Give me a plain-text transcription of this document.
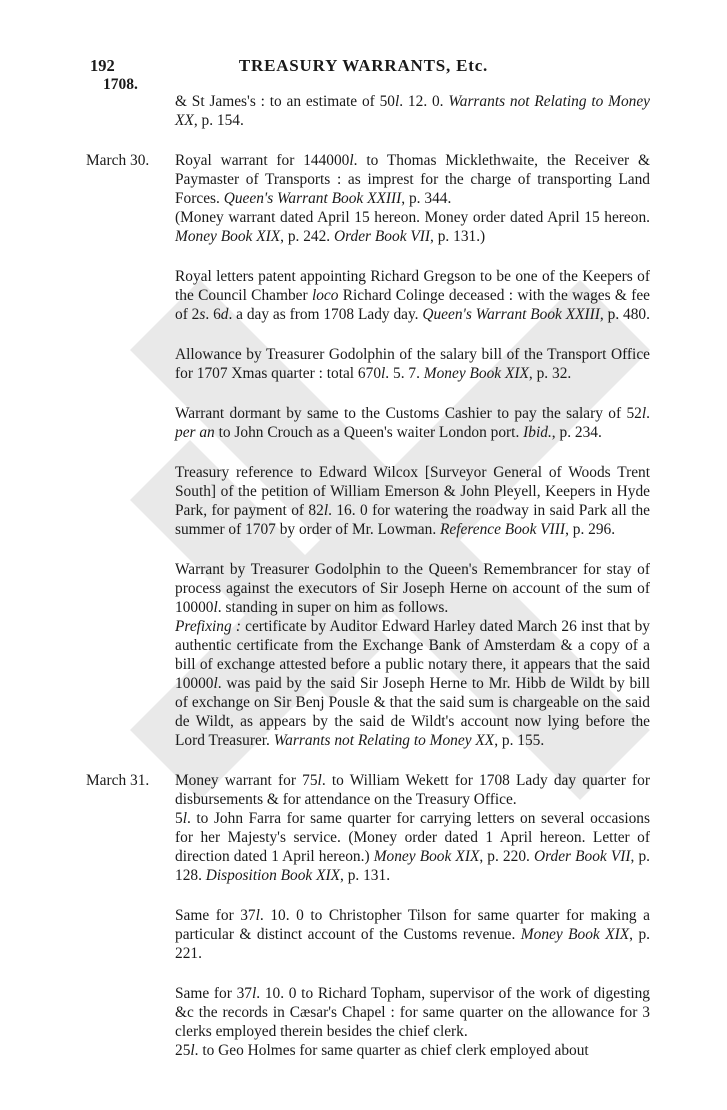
192	TREASURY WARRANTS, Etc.
1708.

& St James's : to an estimate of 50l. 12. 0. Warrants not Relating to Money XX, p. 154.

March 30.	Royal warrant for 144000l. to Thomas Micklethwaite, the Receiver & Paymaster of Transports : as imprest for the charge of transporting Land Forces. Queen's Warrant Book XXIII, p. 344.

(Money warrant dated April 15 hereon. Money order dated April 15 hereon. Money Book XIX, p. 242. Order Book VII, p. 131.)

Royal letters patent appointing Richard Gregson to be one of the Keepers of the Council Chamber loco Richard Colinge deceased : with the wages & fee of 2s. 6d. a day as from 1708 Lady day. Queen's Warrant Book XXIII, p. 480.

Allowance by Treasurer Godolphin of the salary bill of the Transport Office for 1707 Xmas quarter : total 670l. 5. 7. Money Book XIX, p. 32.

Warrant dormant by same to the Customs Cashier to pay the salary of 52l. per an to John Crouch as a Queen's waiter London port. Ibid., p. 234.

Treasury reference to Edward Wilcox [Surveyor General of Woods Trent South] of the petition of William Emerson & John Pleyell, Keepers in Hyde Park, for payment of 82l. 16. 0 for watering the roadway in said Park all the summer of 1707 by order of Mr. Lowman. Reference Book VIII, p. 296.

Warrant by Treasurer Godolphin to the Queen's Remembrancer for stay of process against the executors of Sir Joseph Herne on account of the sum of 10000l. standing in super on him as follows.

Prefixing : certificate by Auditor Edward Harley dated March 26 inst that by authentic certificate from the Exchange Bank of Amsterdam & a copy of a bill of exchange attested before a public notary there, it appears that the said 10000l. was paid by the said Sir Joseph Herne to Mr. Hibb de Wildt by bill of exchange on Sir Benj Pousle & that the said sum is chargeable on the said de Wildt, as appears by the said de Wildt's account now lying before the Lord Treasurer. Warrants not Relating to Money XX, p. 155.

March 31.	Money warrant for 75l. to William Wekett for 1708 Lady day quarter for disbursements & for attendance on the Treasury Office.

5l. to John Farra for same quarter for carrying letters on several occasions for her Majesty's service. (Money order dated 1 April hereon. Letter of direction dated 1 April hereon.) Money Book XIX, p. 220. Order Book VII, p. 128. Disposition Book XIX, p. 131.

Same for 37l. 10. 0 to Christopher Tilson for same quarter for making a particular & distinct account of the Customs revenue. Money Book XIX, p. 221.

Same for 37l. 10. 0 to Richard Topham, supervisor of the work of digesting &c the records in Cæsar's Chapel : for same quarter on the allowance for 3 clerks employed therein besides the chief clerk.

25l. to Geo Holmes for same quarter as chief clerk employed about
